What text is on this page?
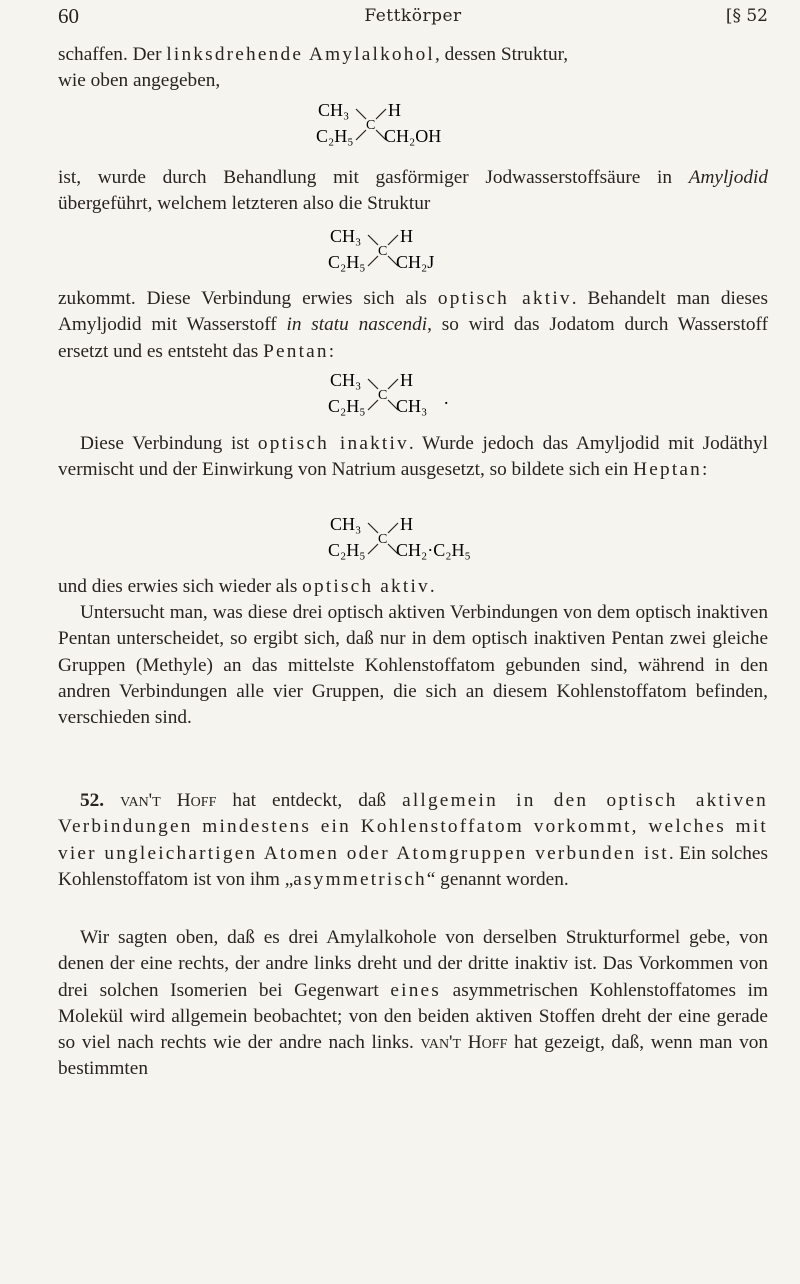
60	Fettkörper	[§ 52

schaffen. Der linksdrehende Amylalkohol, dessen Struktur,
wie oben angegeben,

CH₃ H
C
C₂H₅ CH₂OH

ist, wurde durch Behandlung mit gasförmiger Jodwasserstoffsäure in Amyljodid übergeführt, welchem letzteren also die Struktur

CH₃ H
C
C₂H₅ CH₂J

zukommt. Diese Verbindung erwies sich als optisch aktiv. Behandelt man dieses Amyljodid mit Wasserstoff in statu nascendi, so wird das Jodatom durch Wasserstoff ersetzt und es entsteht das Pentan:

CH₃ H
C
C₂H₅ CH₃ .

Diese Verbindung ist optisch inaktiv. Wurde jedoch das Amyljodid mit Jodäthyl vermischt und der Einwirkung von Natrium ausgesetzt, so bildete sich ein Heptan:

CH₃ H
C
C₂H₅ CH₂·C₂H₅

und dies erwies sich wieder als optisch aktiv.

Untersucht man, was diese drei optisch aktiven Verbindungen von dem optisch inaktiven Pentan unterscheidet, so ergibt sich, daß nur in dem optisch inaktiven Pentan zwei gleiche Gruppen (Methyle) an das mittelste Kohlenstoffatom gebunden sind, während in den andren Verbindungen alle vier Gruppen, die sich an diesem Kohlenstoffatom befinden, verschieden sind.

52. van't Hoff hat entdeckt, daß allgemein in den optisch aktiven Verbindungen mindestens ein Kohlenstoffatom vorkommt, welches mit vier ungleichartigen Atomen oder Atomgruppen verbunden ist. Ein solches Kohlenstoffatom ist von ihm „asymmetrisch“ genannt worden.

Wir sagten oben, daß es drei Amylalkohole von derselben Strukturformel gebe, von denen der eine rechts, der andre links dreht und der dritte inaktiv ist. Das Vorkommen von drei solchen Isomerien bei Gegenwart eines asymmetrischen Kohlenstoffatomes im Molekül wird allgemein beobachtet; von den beiden aktiven Stoffen dreht der eine gerade so viel nach rechts wie der andre nach links. van't Hoff hat gezeigt, daß, wenn man von bestimmten
